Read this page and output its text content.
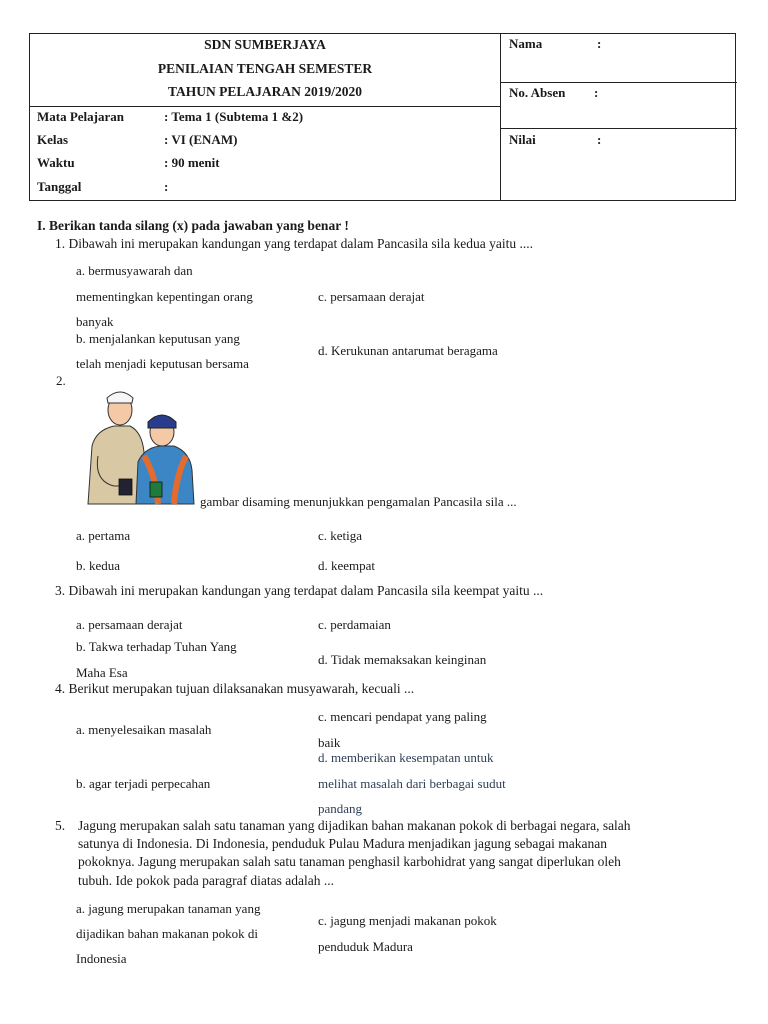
SDN SUMBERJAYA
PENILAIAN TENGAH SEMESTER
TAHUN PELAJARAN 2019/2020
Mata Pelajaran	: Tema 1 (Subtema 1 &2)
Kelas	: VI (ENAM)
Waktu	: 90 menit
Tanggal	:
Nama	:
No. Absen :
Nilai	:
I. Berikan tanda silang (x) pada jawaban yang benar !
1. Dibawah ini merupakan kandungan yang terdapat dalam Pancasila sila kedua yaitu ....
a. bermusyawarah dan
mementingkan kepentingan orang
banyak
b. menjalankan keputusan yang
telah menjadi keputusan bersama
c. persamaan derajat
d. Kerukunan antarumat beragama
2.
gambar disaming menunjukkan pengamalan Pancasila sila ...
a. pertama
b. kedua
c. ketiga
d. keempat
3. Dibawah ini merupakan kandungan yang terdapat dalam Pancasila sila keempat yaitu ...
a. persamaan derajat
b. Takwa terhadap Tuhan Yang
Maha Esa
c. perdamaian
d. Tidak memaksakan keinginan
4. Berikut merupakan tujuan dilaksanakan musyawarah, kecuali ...
a. menyelesaikan masalah
b. agar terjadi perpecahan
c. mencari pendapat yang paling
baik
d. memberikan kesempatan untuk
melihat masalah dari berbagai sudut
pandang
5. Jagung merupakan salah satu tanaman yang dijadikan bahan makanan pokok di berbagai negara, salah
satunya di Indonesia. Di Indonesia, penduduk Pulau Madura menjadikan jagung sebagai makanan
pokoknya. Jagung merupakan salah satu tanaman penghasil karbohidrat yang sangat diperlukan oleh
tubuh. Ide pokok pada paragraf diatas adalah ...
a. jagung merupakan tanaman yang
dijadikan bahan makanan pokok di
Indonesia
c. jagung menjadi makanan pokok
penduduk Madura
